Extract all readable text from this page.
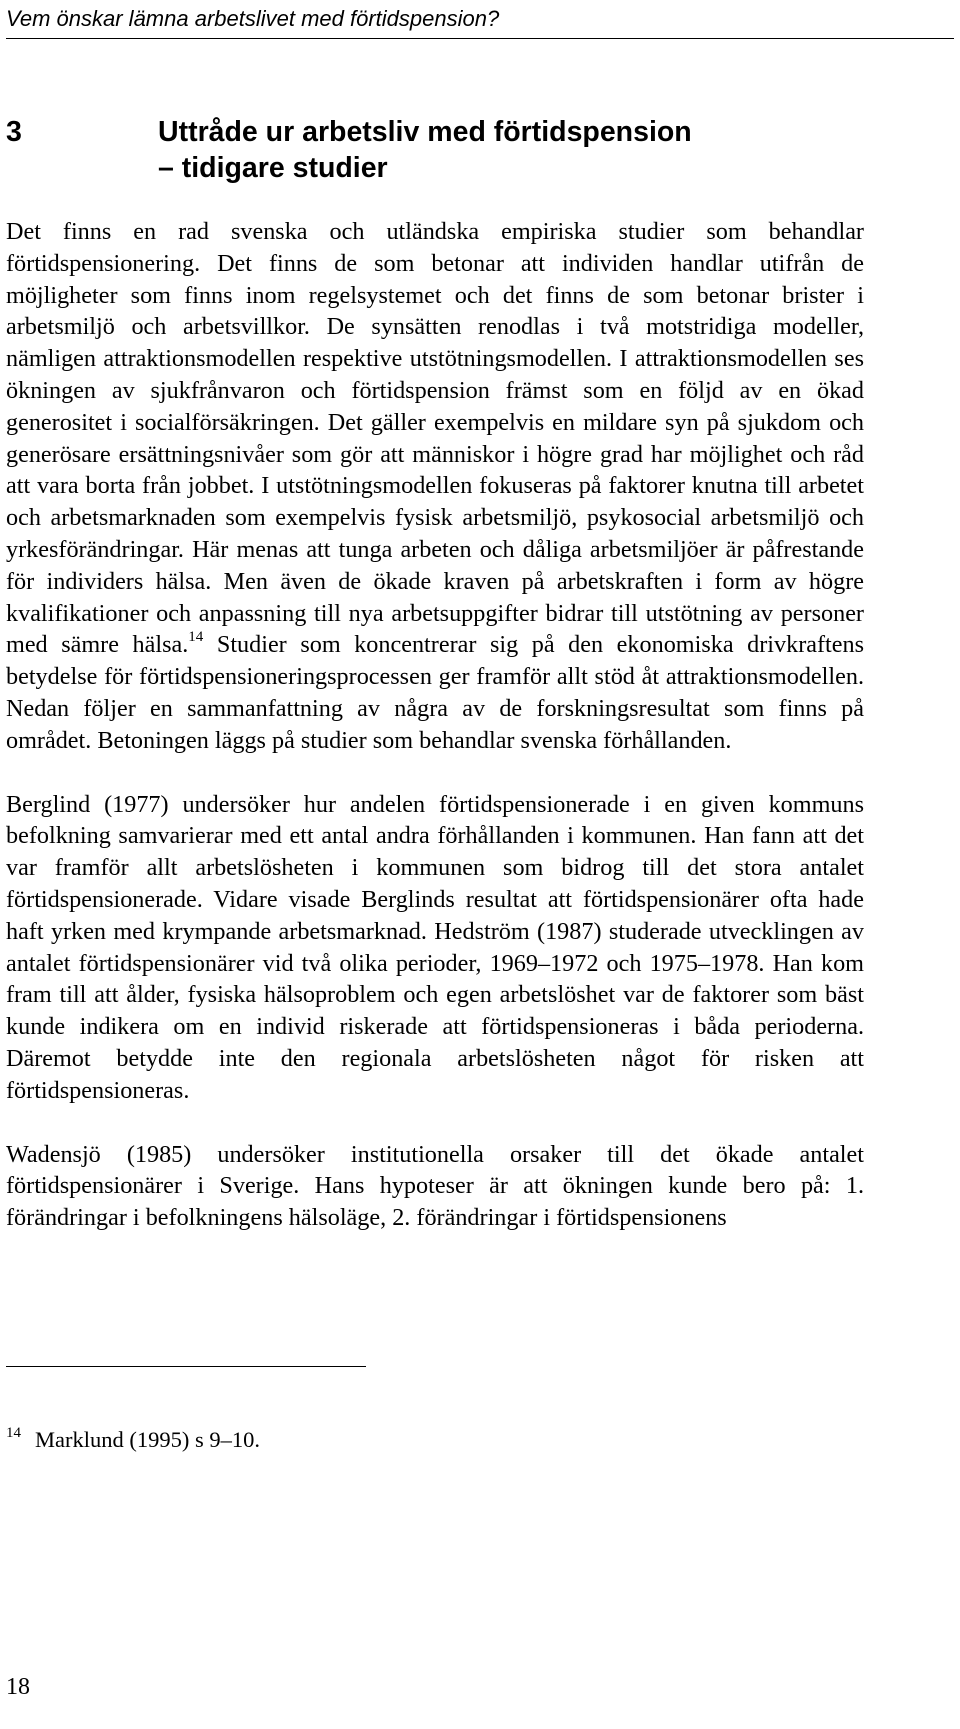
Vem önskar lämna arbetslivet med förtidspension?
3	Uttråde ur arbetsliv med förtidspension
– tidigare studier

Det finns en rad svenska och utländska empiriska studier som behandlar förtidspensionering. Det finns de som betonar att individen handlar utifrån de möjligheter som finns inom regelsystemet och det finns de som betonar brister i arbetsmiljö och arbetsvillkor. De synsätten renodlas i två motstridiga modeller, nämligen attraktionsmodellen respektive utstötningsmodellen. I attraktionsmodellen ses ökningen av sjukfrånvaron och förtidspension främst som en följd av en ökad generositet i socialförsäkringen. Det gäller exempelvis en mildare syn på sjukdom och generösare ersättningsnivåer som gör att människor i högre grad har möjlighet och råd att vara borta från jobbet. I utstötningsmodellen fokuseras på faktorer knutna till arbetet och arbetsmarknaden som exempelvis fysisk arbetsmiljö, psykosocial arbetsmiljö och yrkesförändringar. Här menas att tunga arbeten och dåliga arbetsmiljöer är påfrestande för individers hälsa. Men även de ökade kraven på arbetskraften i form av högre kvalifikationer och anpassning till nya arbetsuppgifter bidrar till utstötning av personer med sämre hälsa.$^{14}$ Studier som koncentrerar sig på den ekonomiska drivkraftens betydelse för förtidspensioneringsprocessen ger framför allt stöd åt attraktionsmodellen. Nedan följer en sammanfattning av några av de forskningsresultat som finns på området. Betoningen läggs på studier som behandlar svenska förhållanden.

Berglind (1977) undersöker hur andelen förtidspensionerade i en given kommuns befolkning samvarierar med ett antal andra förhållanden i kommunen. Han fann att det var framför allt arbetslösheten i kommunen som bidrog till det stora antalet förtidspensionerade. Vidare visade Berglinds resultat att förtidspensionärer ofta hade haft yrken med krympande arbetsmarknad. Hedström (1987) studerade utvecklingen av antalet förtidspensionärer vid två olika perioder, 1969–1972 och 1975–1978. Han kom fram till att ålder, fysiska hälsoproblem och egen arbetslöshet var de faktorer som bäst kunde indikera om en individ riskerade att förtidspensioneras i båda perioderna. Däremot betydde inte den regionala arbetslösheten något för risken att förtidspensioneras.

Wadensjö (1985) undersöker institutionella orsaker till det ökade antalet förtidspensionärer i Sverige. Hans hypoteser är att ökningen kunde bero på: 1. förändringar i befolkningens hälsoläge, 2. förändringar i förtidspensionens

$^{14}$ Marklund (1995) s 9–10.
18
